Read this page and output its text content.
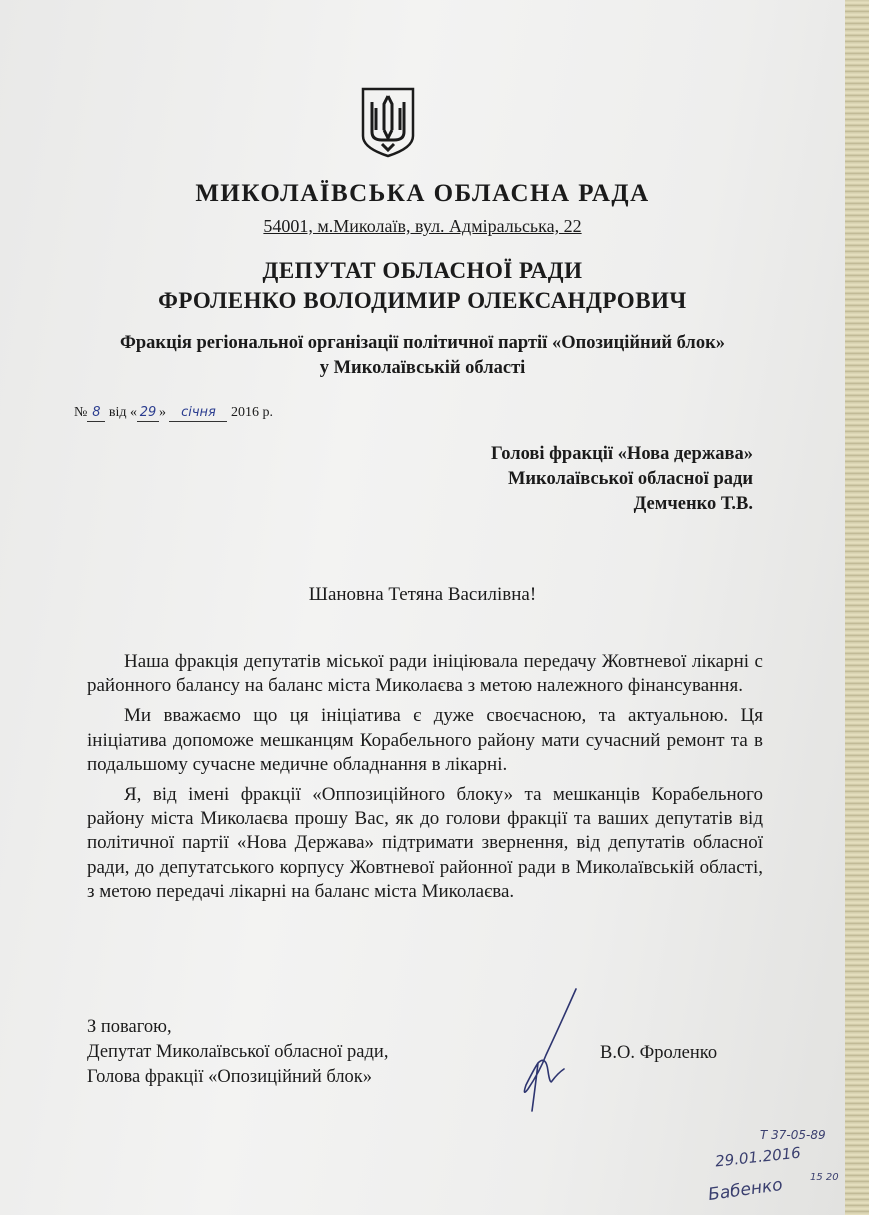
МИКОЛАЇВСЬКА ОБЛАСНА РАДА
54001, м.Миколаїв, вул. Адміральська, 22
ДЕПУТАТ ОБЛАСНОЇ РАДИ
ФРОЛЕНКО ВОЛОДИМИР ОЛЕКСАНДРОВИЧ
Фракція регіональної організації політичної партії «Опозиційний блок»
у Миколаївській області
№ 8 від « 29 » січня 2016 р.
Голові фракції «Нова держава»
Миколаївської обласної ради
Демченко Т.В.
Шановна Тетяна Василівна!

Наша фракція депутатів міської ради ініціювала передачу Жовтневої лікарні с районного балансу на баланс міста Миколаєва з метою належного фінансування.

Ми вважаємо що ця ініціатива є дуже своєчасною, та актуальною. Ця ініціатива допоможе мешканцям Корабельного району мати сучасний ремонт та в подальшому сучасне медичне обладнання в лікарні.

Я, від імені фракції «Оппозиційного блоку» та мешканців Корабельного району міста Миколаєва прошу Вас, як до голови фракції та ваших депутатів від політичної партії «Нова Держава» підтримати звернення, від депутатів обласної ради, до депутатського корпусу Жовтневої районної ради в Миколаївській області, з метою передачі лікарні на баланс міста Миколаєва.

З повагою,
Депутат Миколаївської обласної ради,
Голова фракції «Опозиційний блок»
В.О. Фроленко
Т 37-05-89
29.01.2016
Бабенко	15 20
